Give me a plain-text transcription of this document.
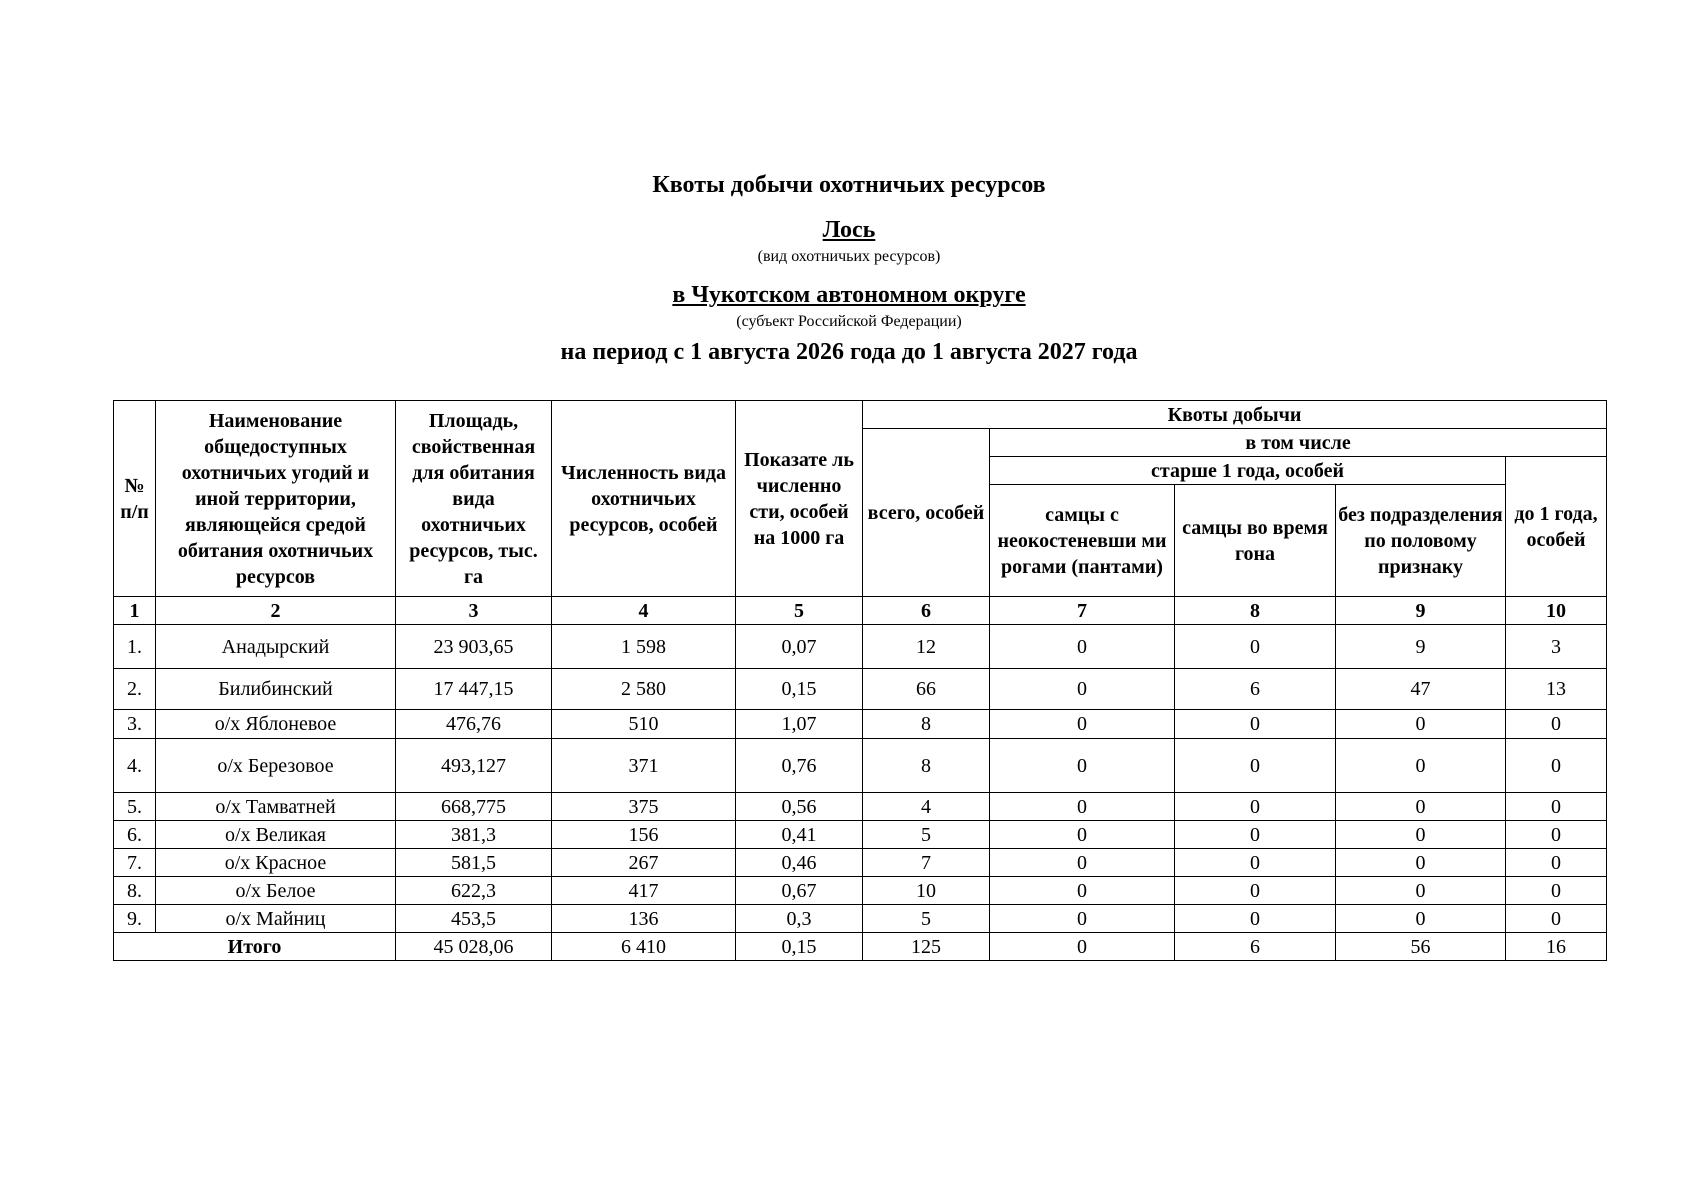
Квоты добычи охотничьих ресурсов
Лось
(вид охотничьих ресурсов)
в Чукотском автономном округе
(субъект Российской Федерации)
на период с 1 августа 2026 года до 1 августа 2027 года
№ п/п	Наименование общедоступных охотничьих угодий и иной территории, являющейся средой обитания охотничьих ресурсов	Площадь, свойственная для обитания вида охотничьих ресурсов, тыс. га	Численность вида охотничьих ресурсов, особей	Показате ль численно сти, особей на 1000 га	Квоты добычи				
					всего, особей	в том числе			
						старше 1 года, особей			до 1 года, особей
						самцы с неокостеневши ми рогами (пантами)	самцы во время гона	без подразделения по половому признаку	
1	2	3	4	5	6	7	8	9	10
1.	Анадырский	23 903,65	1 598	0,07	12	0	0	9	3
2.	Билибинский	17 447,15	2 580	0,15	66	0	6	47	13
3.	о/х Яблоневое	476,76	510	1,07	8	0	0	0	0
4.	о/х Березовое	493,127	371	0,76	8	0	0	0	0
5.	о/х Тамватней	668,775	375	0,56	4	0	0	0	0
6.	о/х Великая	381,3	156	0,41	5	0	0	0	0
7.	о/х Красное	581,5	267	0,46	7	0	0	0	0
8.	о/х Белое	622,3	417	0,67	10	0	0	0	0
9.	о/х Майниц	453,5	136	0,3	5	0	0	0	0
Итого		45 028,06	6 410	0,15	125	0	6	56	16
